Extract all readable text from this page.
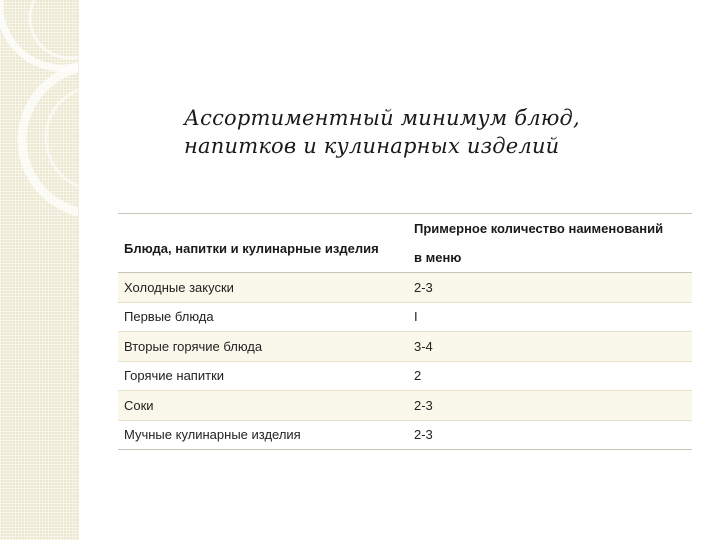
Ассортиментный минимум блюд,
напитков и кулинарных изделий
Блюда, напитки и кулинарные изделия	Примерное количество наименований
в меню

Холодные закуски	2-3
Первые блюда	I
Вторые горячие блюда	3-4
Горячие напитки	2
Соки	2-3
Мучные кулинарные изделия	2-3
